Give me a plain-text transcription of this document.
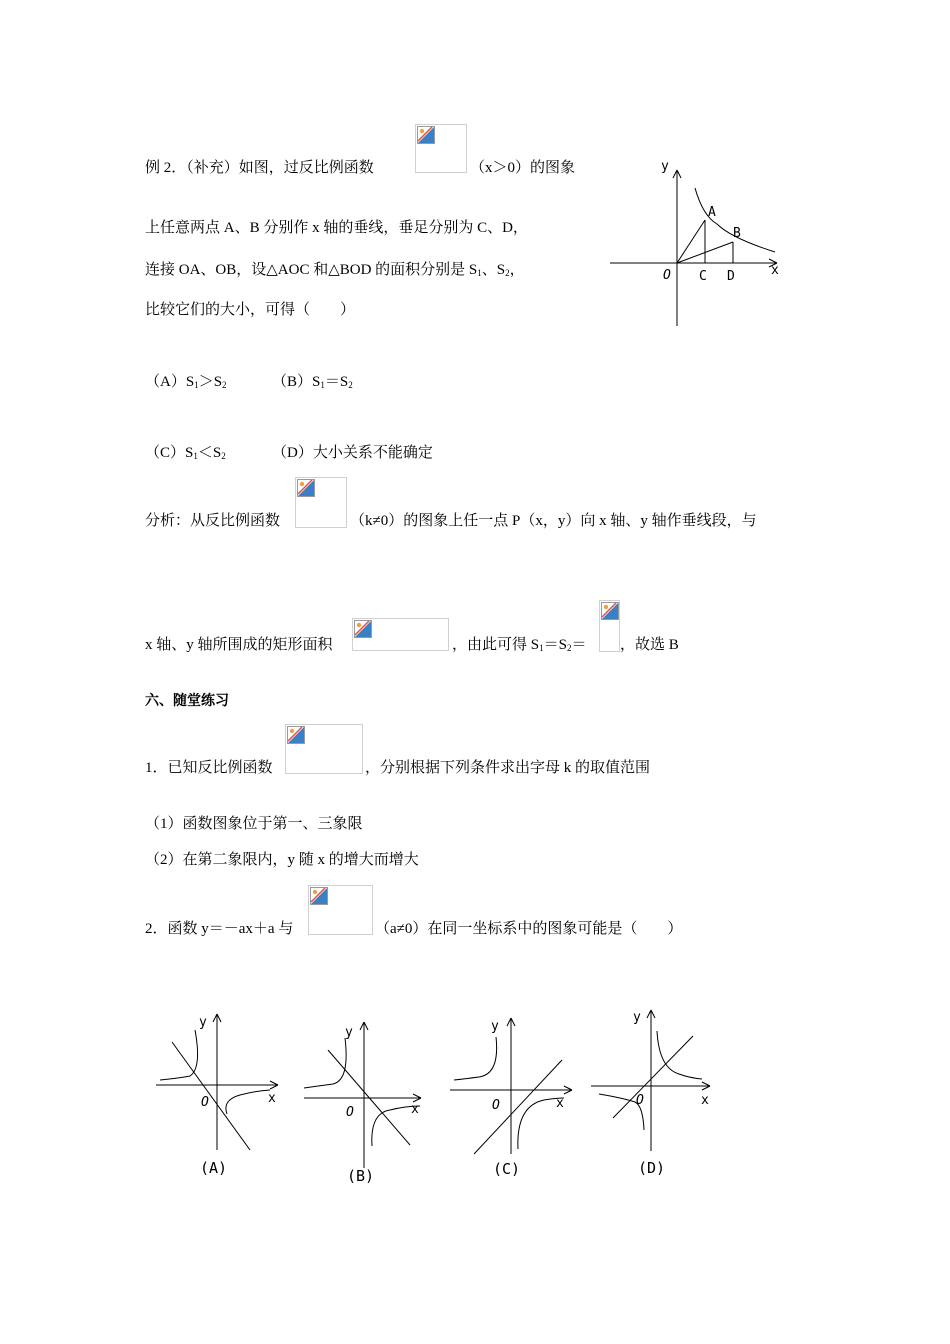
例 2．（补充）如图，过反比例函数	（x＞0）的图象
上任意两点 A、B 分别作 x 轴的垂线，垂足分别为 C、D，
连接 OA、OB，设△AOC 和△BOD 的面积分别是 $S_1$、$S_2$，
比较它们的大小，可得（　　）
y
x
O
A
B
C D
$(A)S_1>S_2$	$(B)S_1=S_2$
$(C)S_1<S_2$	（D）大小关系不能确定
分析：从反比例函数	（k≠0）的图象上任一点 P（x，y）向 x 轴、y 轴作垂线段，与
x 轴、y 轴所围成的矩形面积	，由此可得 $S_1=S_2=$ ，故选 B
六、随堂练习
1．已知反比例函数	，分别根据下列条件求出字母 k 的取值范围
（1）函数图象位于第一、三象限
（2）在第二象限内，y 随 x 的增大而增大
2．函数 y＝－ax＋a 与	（a≠0）在同一坐标系中的图象可能是（　　）
y
x
O
(A)
y
x
O
(B)
y
x
O
(C)
y
x
O
(D)
